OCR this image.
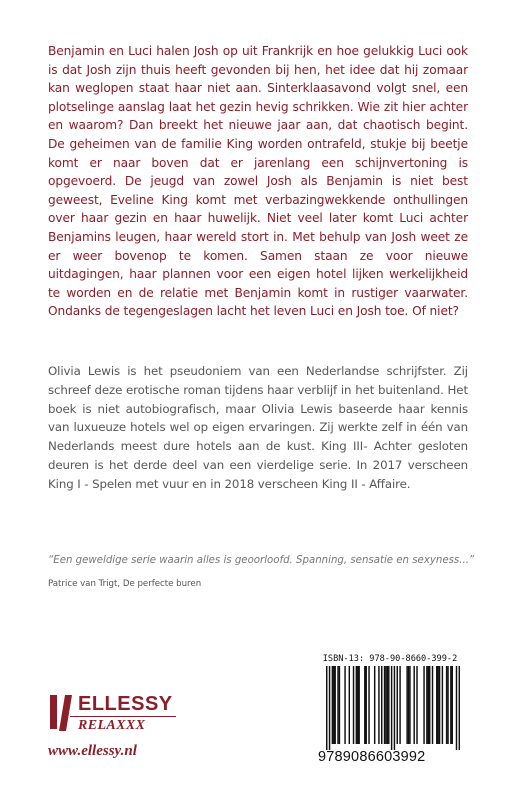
Benjamin en Luci halen Josh op uit Frankrijk en hoe gelukkig Luci ook is dat Josh zijn thuis heeft gevonden bij hen, het idee dat hij zomaar kan weglopen staat haar niet aan. Sinterklaasavond volgt snel, een plotselinge aanslag laat het gezin hevig schrikken. Wie zit hier achter en waarom? Dan breekt het nieuwe jaar aan, dat chaotisch begint. De geheimen van de familie King worden ontrafeld, stukje bij beetje komt er naar boven dat er jarenlang een schijnvertoning is opgevoerd. De jeugd van zowel Josh als Benjamin is niet best geweest, Eveline King komt met verbazingwekkende onthullingen over haar gezin en haar huwelijk. Niet veel later komt Luci achter Benjamins leugen, haar wereld stort in. Met behulp van Josh weet ze er weer bovenop te komen. Samen staan ze voor nieuwe uitdagingen, haar plannen voor een eigen hotel lijken werkelijkheid te worden en de relatie met Benjamin komt in rustiger vaarwater. Ondanks de tegengeslagen lacht het leven Luci en Josh toe. Of niet?

Olivia Lewis is het pseudoniem van een Nederlandse schrijfster. Zij schreef deze erotische roman tijdens haar verblijf in het buitenland. Het boek is niet autobiografisch, maar Olivia Lewis baseerde haar kennis van luxueuze hotels wel op eigen ervaringen. Zij werkte zelf in één van Nederlands meest dure hotels aan de kust. King III- Achter gesloten deuren is het derde deel van een vierdelige serie. In 2017 verscheen King I - Spelen met vuur en in 2018 verscheen King II - Affaire.

“Een geweldige serie waarin alles is geoorloofd. Spanning, sensatie en sexyness...”

Patrice van Trigt, De perfecte buren

ELLESSY
RELAXXX
www.ellessy.nl
ISBN-13: 978-90-8660-399-2
9789086603992
